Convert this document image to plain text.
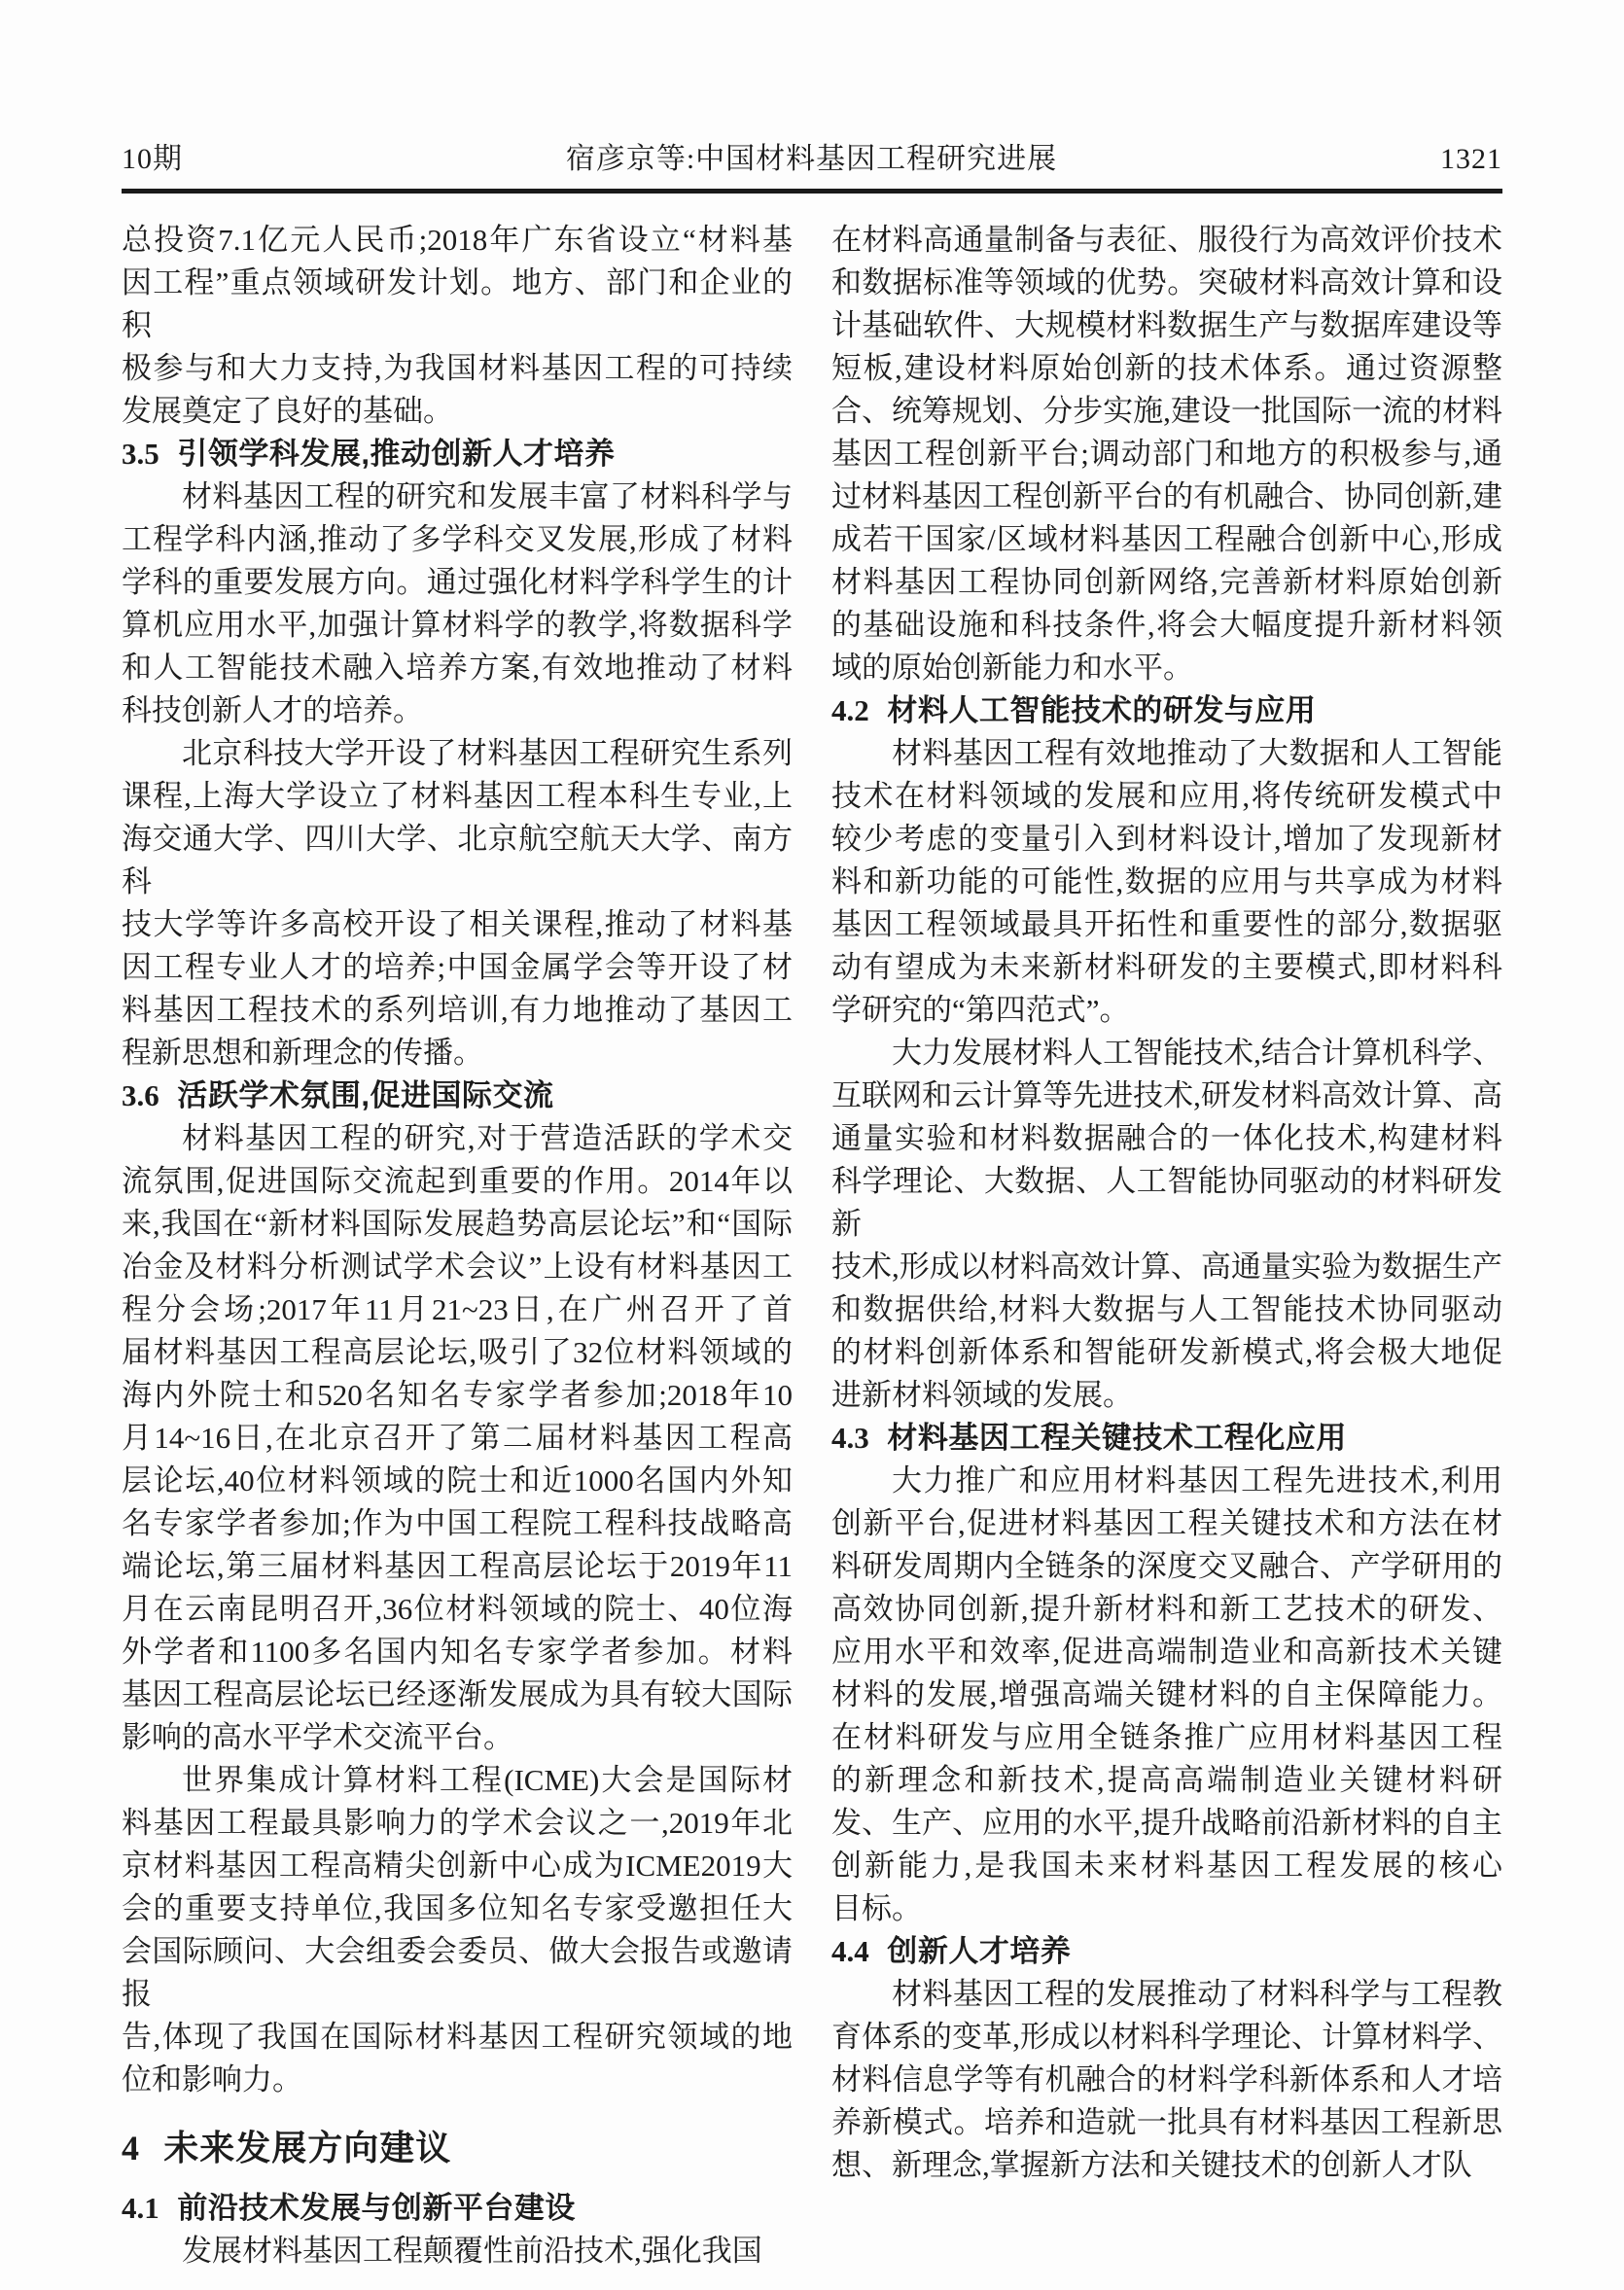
10期	宿彦京等:中国材料基因工程研究进展	1321
总投资7.1亿元人民币;2018年广东省设立“材料基
因工程”重点领域研发计划。地方、部门和企业的积
极参与和大力支持,为我国材料基因工程的可持续
发展奠定了良好的基础。
3.5 引领学科发展,推动创新人才培养
材料基因工程的研究和发展丰富了材料科学与
工程学科内涵,推动了多学科交叉发展,形成了材料
学科的重要发展方向。通过强化材料学科学生的计
算机应用水平,加强计算材料学的教学,将数据科学
和人工智能技术融入培养方案,有效地推动了材料
科技创新人才的培养。
北京科技大学开设了材料基因工程研究生系列
课程,上海大学设立了材料基因工程本科生专业,上
海交通大学、四川大学、北京航空航天大学、南方科
技大学等许多高校开设了相关课程,推动了材料基
因工程专业人才的培养;中国金属学会等开设了材
料基因工程技术的系列培训,有力地推动了基因工
程新思想和新理念的传播。
3.6 活跃学术氛围,促进国际交流
材料基因工程的研究,对于营造活跃的学术交
流氛围,促进国际交流起到重要的作用。2014年以
来,我国在“新材料国际发展趋势高层论坛”和“国际
冶金及材料分析测试学术会议”上设有材料基因工
程分会场;2017年11月21~23日,在广州召开了首
届材料基因工程高层论坛,吸引了32位材料领域的
海内外院士和520名知名专家学者参加;2018年10
月14~16日,在北京召开了第二届材料基因工程高
层论坛,40位材料领域的院士和近1000名国内外知
名专家学者参加;作为中国工程院工程科技战略高
端论坛,第三届材料基因工程高层论坛于2019年11
月在云南昆明召开,36位材料领域的院士、40位海
外学者和1100多名国内知名专家学者参加。材料
基因工程高层论坛已经逐渐发展成为具有较大国际
影响的高水平学术交流平台。
世界集成计算材料工程(ICME)大会是国际材
料基因工程最具影响力的学术会议之一,2019年北
京材料基因工程高精尖创新中心成为ICME2019大
会的重要支持单位,我国多位知名专家受邀担任大
会国际顾问、大会组委会委员、做大会报告或邀请报
告,体现了我国在国际材料基因工程研究领域的地
位和影响力。
4 未来发展方向建议
4.1 前沿技术发展与创新平台建设
发展材料基因工程颠覆性前沿技术,强化我国
在材料高通量制备与表征、服役行为高效评价技术
和数据标准等领域的优势。突破材料高效计算和设
计基础软件、大规模材料数据生产与数据库建设等
短板,建设材料原始创新的技术体系。通过资源整
合、统筹规划、分步实施,建设一批国际一流的材料
基因工程创新平台;调动部门和地方的积极参与,通
过材料基因工程创新平台的有机融合、协同创新,建
成若干国家/区域材料基因工程融合创新中心,形成
材料基因工程协同创新网络,完善新材料原始创新
的基础设施和科技条件,将会大幅度提升新材料领
域的原始创新能力和水平。
4.2 材料人工智能技术的研发与应用
材料基因工程有效地推动了大数据和人工智能
技术在材料领域的发展和应用,将传统研发模式中
较少考虑的变量引入到材料设计,增加了发现新材
料和新功能的可能性,数据的应用与共享成为材料
基因工程领域最具开拓性和重要性的部分,数据驱
动有望成为未来新材料研发的主要模式,即材料科
学研究的“第四范式”。
大力发展材料人工智能技术,结合计算机科学、
互联网和云计算等先进技术,研发材料高效计算、高
通量实验和材料数据融合的一体化技术,构建材料
科学理论、大数据、人工智能协同驱动的材料研发新
技术,形成以材料高效计算、高通量实验为数据生产
和数据供给,材料大数据与人工智能技术协同驱动
的材料创新体系和智能研发新模式,将会极大地促
进新材料领域的发展。
4.3 材料基因工程关键技术工程化应用
大力推广和应用材料基因工程先进技术,利用
创新平台,促进材料基因工程关键技术和方法在材
料研发周期内全链条的深度交叉融合、产学研用的
高效协同创新,提升新材料和新工艺技术的研发、
应用水平和效率,促进高端制造业和高新技术关键
材料的发展,增强高端关键材料的自主保障能力。
在材料研发与应用全链条推广应用材料基因工程
的新理念和新技术,提高高端制造业关键材料研
发、生产、应用的水平,提升战略前沿新材料的自主
创新能力,是我国未来材料基因工程发展的核心
目标。
4.4 创新人才培养
材料基因工程的发展推动了材料科学与工程教
育体系的变革,形成以材料科学理论、计算材料学、
材料信息学等有机融合的材料学科新体系和人才培
养新模式。培养和造就一批具有材料基因工程新思
想、新理念,掌握新方法和关键技术的创新人才队
